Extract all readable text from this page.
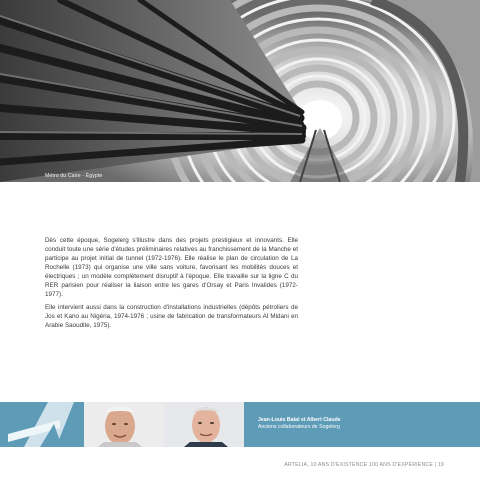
Métro du Caire - Égypte

Dès cette époque, Sogelerg s'illustre dans des projets prestigieux et innovants. Elle conduit toute une série d'études préliminaires relatives au franchissement de la Manche et participe au projet initial de tunnel (1972-1976). Elle réalise le plan de circulation de La Rochelle (1973) qui organise une ville sans voiture, favorisant les mobilités douces et électriques ; un modèle complètement disruptif à l'époque. Elle travaille sur la ligne C du RER parisien pour réaliser la liaison entre les gares d'Orsay et Paris Invalides (1972-1977).

Elle intervient aussi dans la construction d'installations industrielles (dépôts pétroliers de Jos et Kano au Nigéria, 1974-1976 ; usine de fabrication de transformateurs Al Midani en Arabie Saoudite, 1975).

Jean-Louis Batal et Albert Claude
Anciens collaborateurs de Sogelerg
ARTELIA, 10 ANS D'EXISTENCE 100 ANS D'EXPÉRIENCE | 19
